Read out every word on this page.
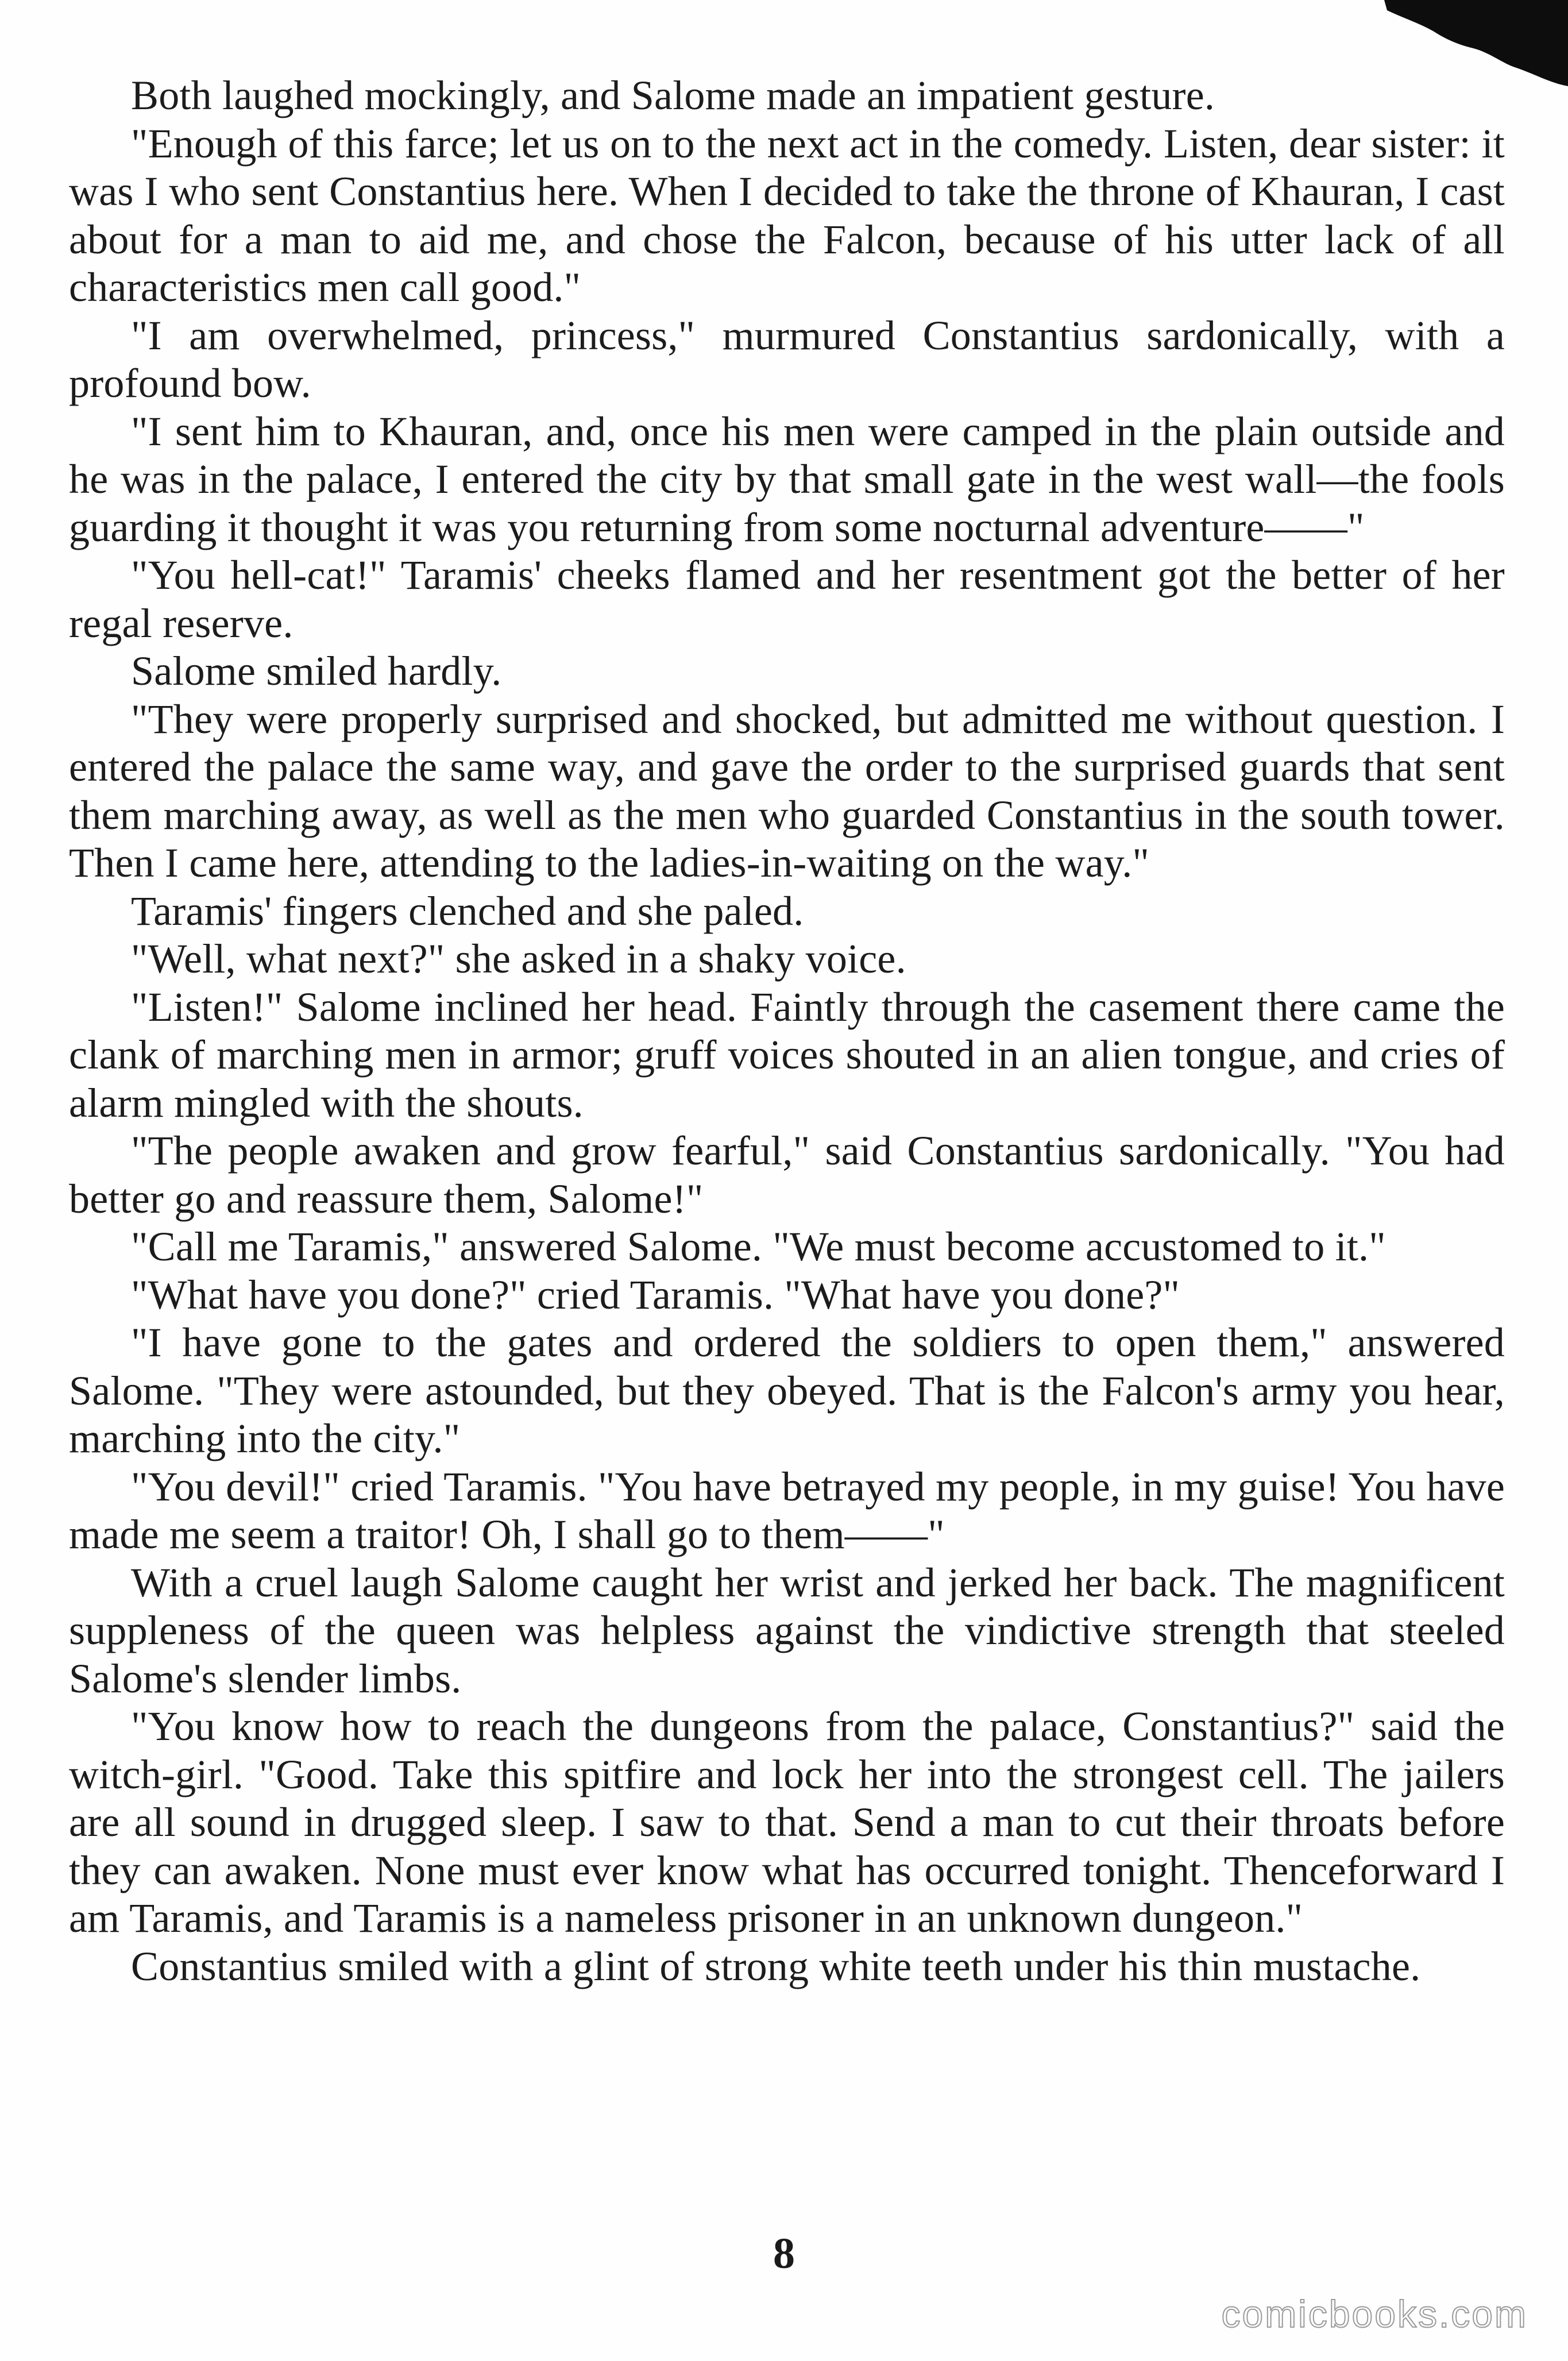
Both laughed mockingly, and Salome made an impatient gesture.

"Enough of this farce; let us on to the next act in the comedy. Listen, dear sister: it was I who sent Constantius here. When I decided to take the throne of Khauran, I cast about for a man to aid me, and chose the Falcon, because of his utter lack of all characteristics men call good."

"I am overwhelmed, princess," murmured Constantius sardonically, with a profound bow.

"I sent him to Khauran, and, once his men were camped in the plain outside and he was in the palace, I entered the city by that small gate in the west wall—the fools guarding it thought it was you returning from some nocturnal adventure——"

"You hell-cat!" Taramis' cheeks flamed and her resentment got the better of her regal reserve.

Salome smiled hardly.

"They were properly surprised and shocked, but admitted me without question. I entered the palace the same way, and gave the order to the surprised guards that sent them marching away, as well as the men who guarded Constantius in the south tower. Then I came here, attending to the ladies-in-waiting on the way."

Taramis' fingers clenched and she paled.

"Well, what next?" she asked in a shaky voice.

"Listen!" Salome inclined her head. Faintly through the casement there came the clank of marching men in armor; gruff voices shouted in an alien tongue, and cries of alarm mingled with the shouts.

"The people awaken and grow fearful," said Constantius sardonically. "You had better go and reassure them, Salome!"

"Call me Taramis," answered Salome. "We must become accustomed to it."

"What have you done?" cried Taramis. "What have you done?"

"I have gone to the gates and ordered the soldiers to open them," answered Salome. "They were astounded, but they obeyed. That is the Falcon's army you hear, marching into the city."

"You devil!" cried Taramis. "You have betrayed my people, in my guise! You have made me seem a traitor! Oh, I shall go to them——"

With a cruel laugh Salome caught her wrist and jerked her back. The magnificent suppleness of the queen was helpless against the vindictive strength that steeled Salome's slender limbs.

"You know how to reach the dungeons from the palace, Constantius?" said the witch-girl. "Good. Take this spitfire and lock her into the strongest cell. The jailers are all sound in drugged sleep. I saw to that. Send a man to cut their throats before they can awaken. None must ever know what has occurred tonight. Thenceforward I am Taramis, and Taramis is a nameless prisoner in an unknown dungeon."

Constantius smiled with a glint of strong white teeth under his thin mustache.

8
comicbooks.com
